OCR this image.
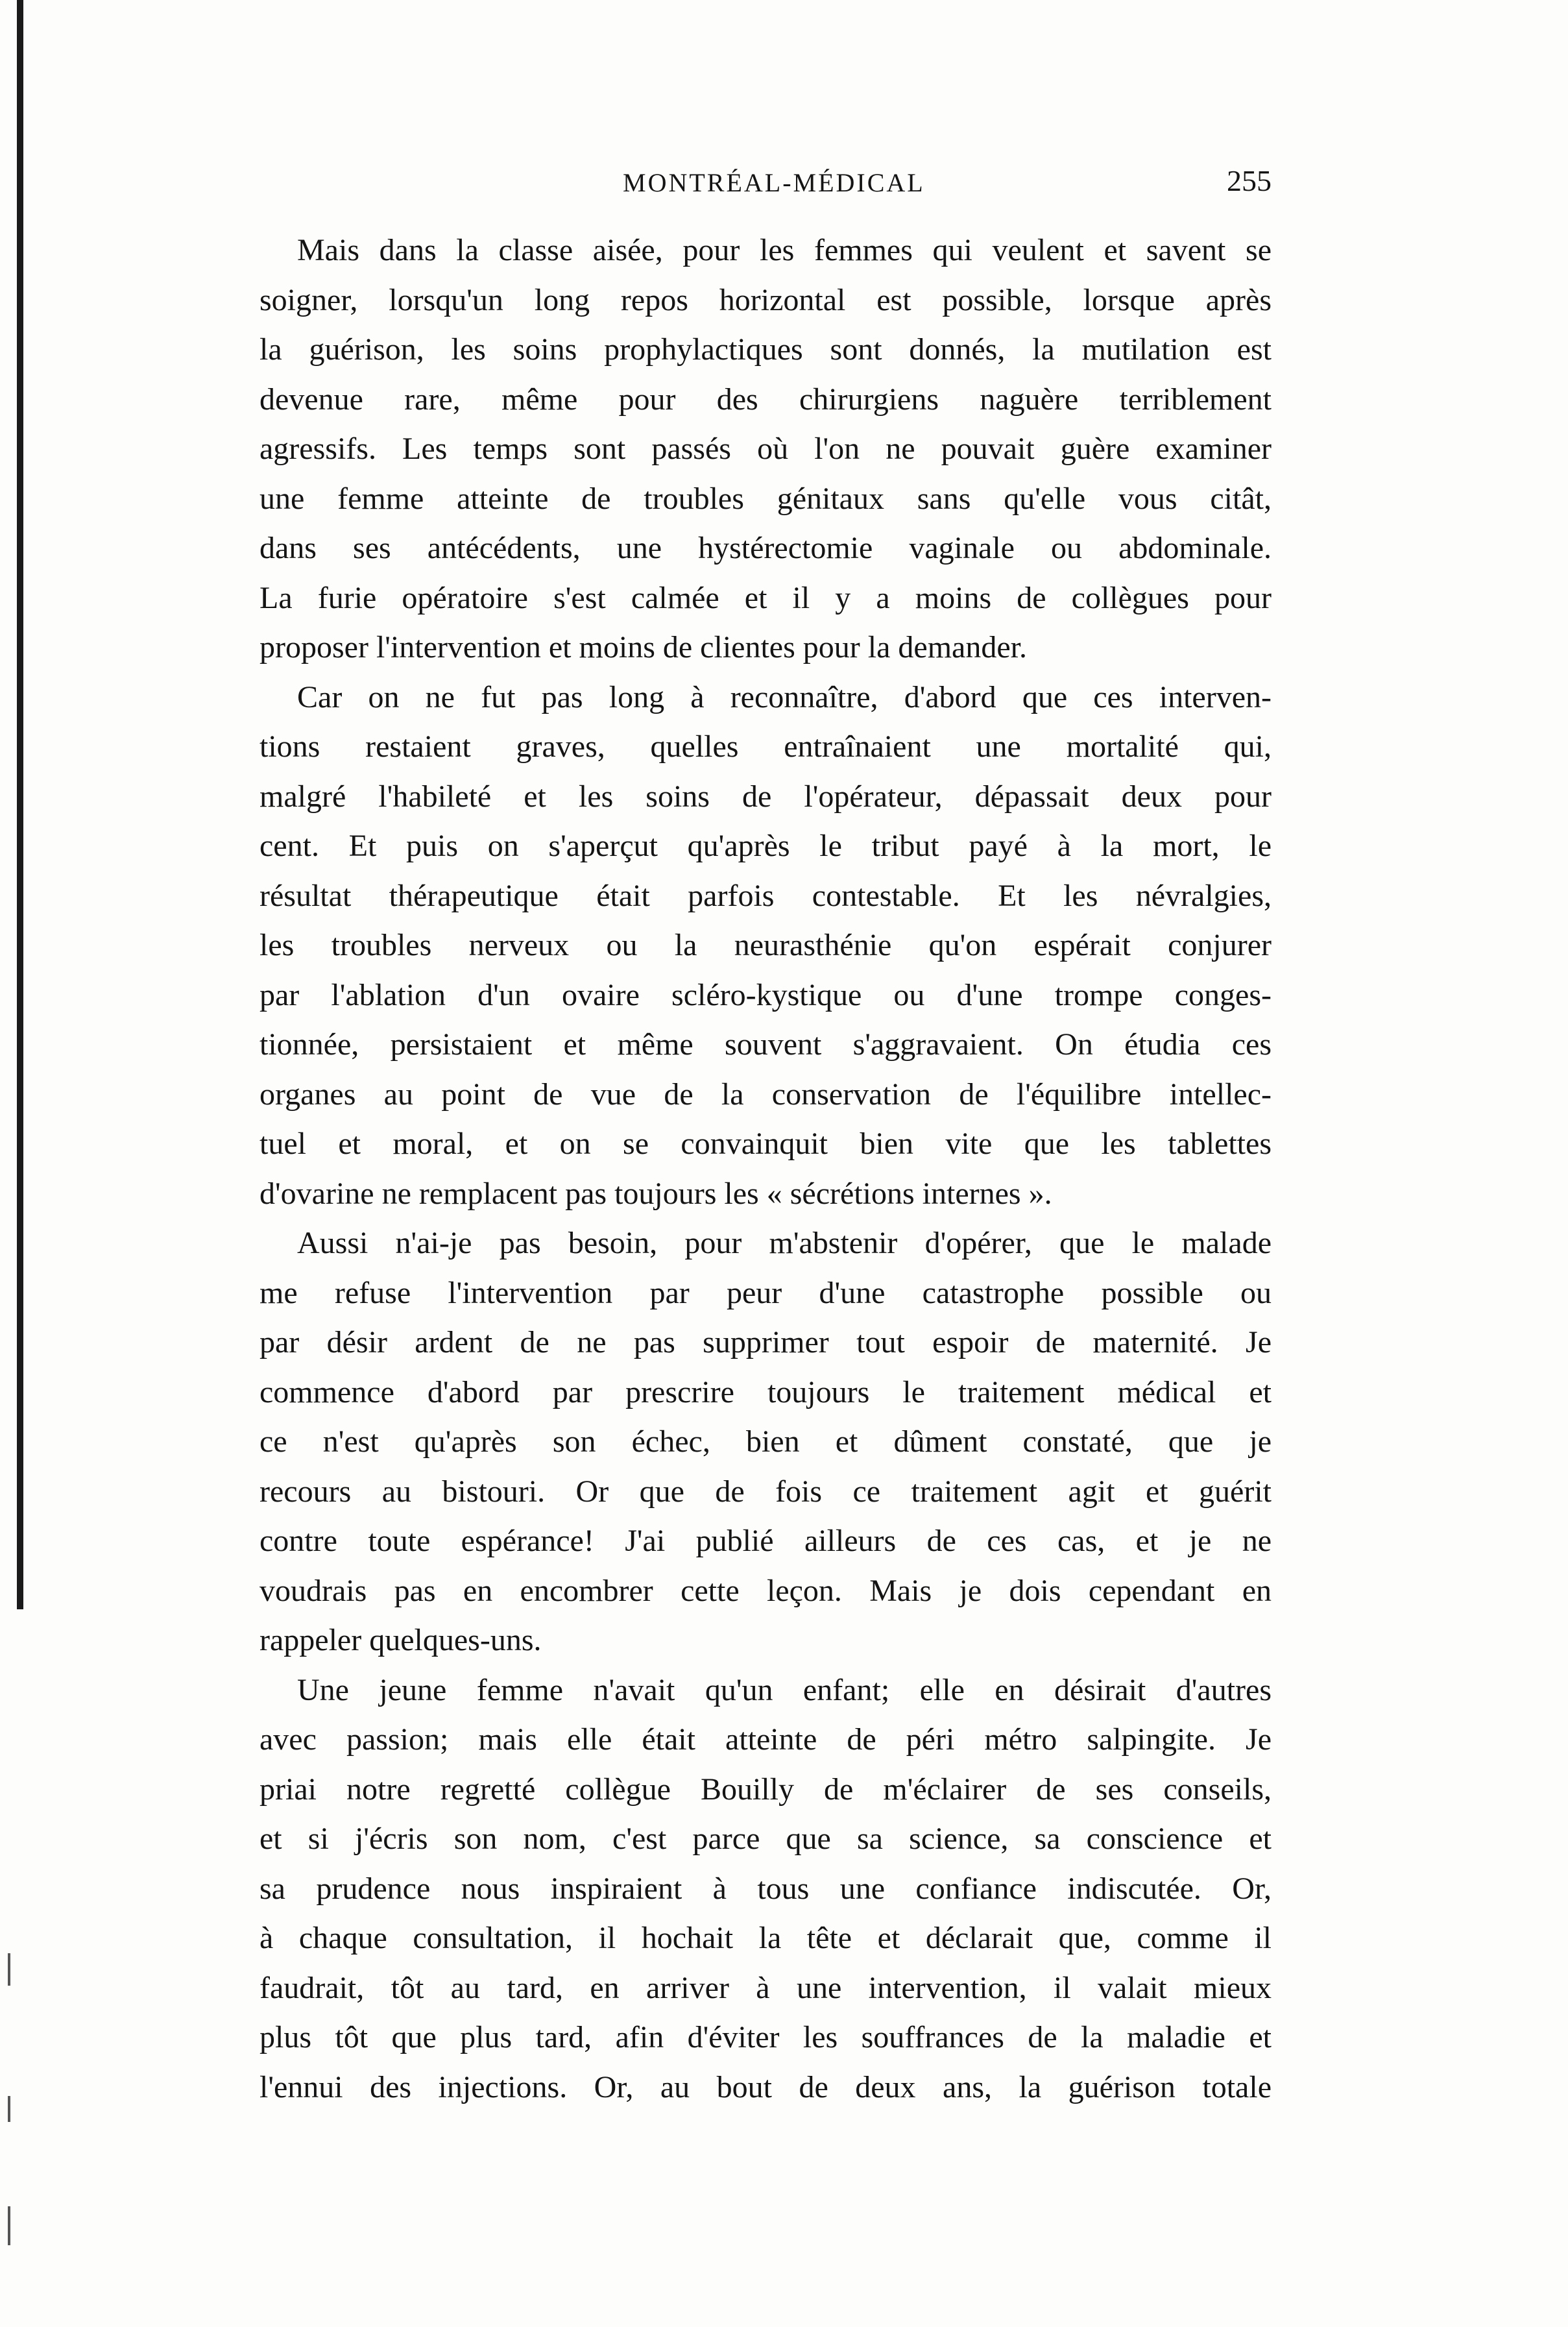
MONTRÉAL-MÉDICAL	255
Mais dans la classe aisée, pour les femmes qui veulent et savent se
soigner, lorsqu'un long repos horizontal est possible, lorsque après
la guérison, les soins prophylactiques sont donnés, la mutilation est
devenue rare, même pour des chirurgiens naguère terriblement
agressifs. Les temps sont passés où l'on ne pouvait guère examiner
une femme atteinte de troubles génitaux sans qu'elle vous citât,
dans ses antécédents, une hystérectomie vaginale ou abdominale.
La furie opératoire s'est calmée et il y a moins de collègues pour
proposer l'intervention et moins de clientes pour la demander.
Car on ne fut pas long à reconnaître, d'abord que ces interven-
tions restaient graves, quelles entraînaient une mortalité qui,
malgré l'habileté et les soins de l'opérateur, dépassait deux pour
cent. Et puis on s'aperçut qu'après le tribut payé à la mort, le
résultat thérapeutique était parfois contestable. Et les névralgies,
les troubles nerveux ou la neurasthénie qu'on espérait conjurer
par l'ablation d'un ovaire scléro-kystique ou d'une trompe conges-
tionnée, persistaient et même souvent s'aggravaient. On étudia ces
organes au point de vue de la conservation de l'équilibre intellec-
tuel et moral, et on se convainquit bien vite que les tablettes
d'ovarine ne remplacent pas toujours les « sécrétions internes ».
Aussi n'ai-je pas besoin, pour m'abstenir d'opérer, que le malade
me refuse l'intervention par peur d'une catastrophe possible ou
par désir ardent de ne pas supprimer tout espoir de maternité. Je
commence d'abord par prescrire toujours le traitement médical et
ce n'est qu'après son échec, bien et dûment constaté, que je
recours au bistouri. Or que de fois ce traitement agit et guérit
contre toute espérance! J'ai publié ailleurs de ces cas, et je ne
voudrais pas en encombrer cette leçon. Mais je dois cependant en
rappeler quelques-uns.
Une jeune femme n'avait qu'un enfant; elle en désirait d'autres
avec passion; mais elle était atteinte de péri métro salpingite. Je
priai notre regretté collègue Bouilly de m'éclairer de ses conseils,
et si j'écris son nom, c'est parce que sa science, sa conscience et
sa prudence nous inspiraient à tous une confiance indiscutée. Or,
à chaque consultation, il hochait la tête et déclarait que, comme il
faudrait, tôt au tard, en arriver à une intervention, il valait mieux
plus tôt que plus tard, afin d'éviter les souffrances de la maladie et
l'ennui des injections. Or, au bout de deux ans, la guérison totale
